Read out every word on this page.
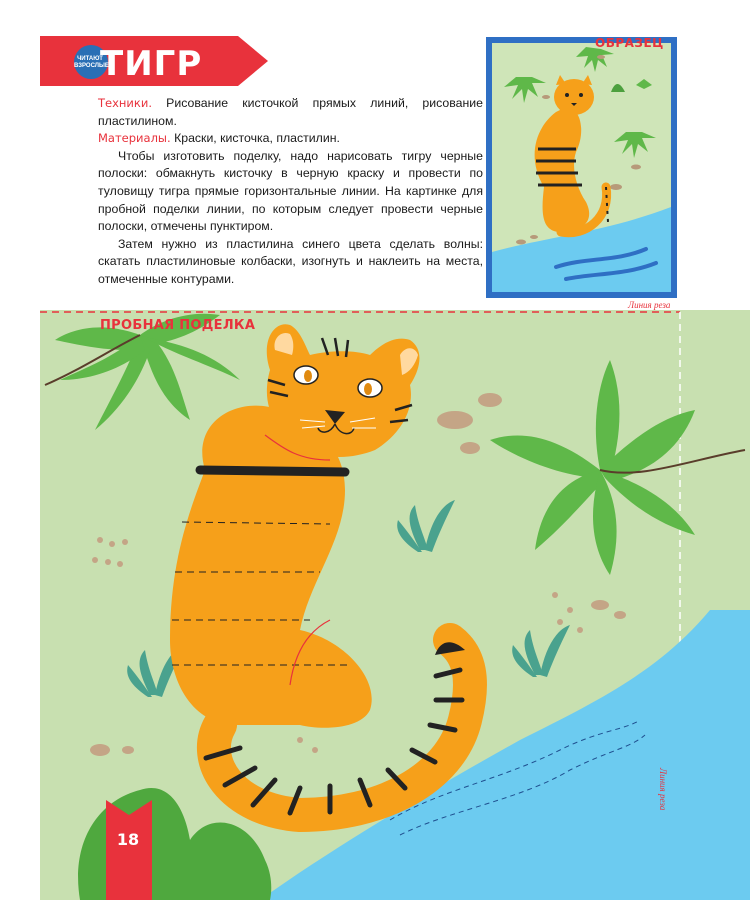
ЧИТАЮТ ВЗРОСЛЫЕ
ТИГР

Техники. Рисование кисточкой прямых линий, рисование пластилином.

Материалы. Краски, кисточка, пластилин.

Чтобы изготовить поделку, надо нарисовать тигру черные полоски: обмакнуть кисточку в черную краску и провести по туловищу тигра прямые горизонтальные линии. На картинке для пробной поделки линии, по которым следует провести черные полоски, отмечены пунктиром.

Затем нужно из пластилина синего цвета сделать волны: скатать пластилиновые колбаски, изогнуть и наклеить на места, отмеченные контурами.

ОБРАЗЕЦ
Линия реза
ПРОБНАЯ ПОДЕЛКА
Линия реза
18
